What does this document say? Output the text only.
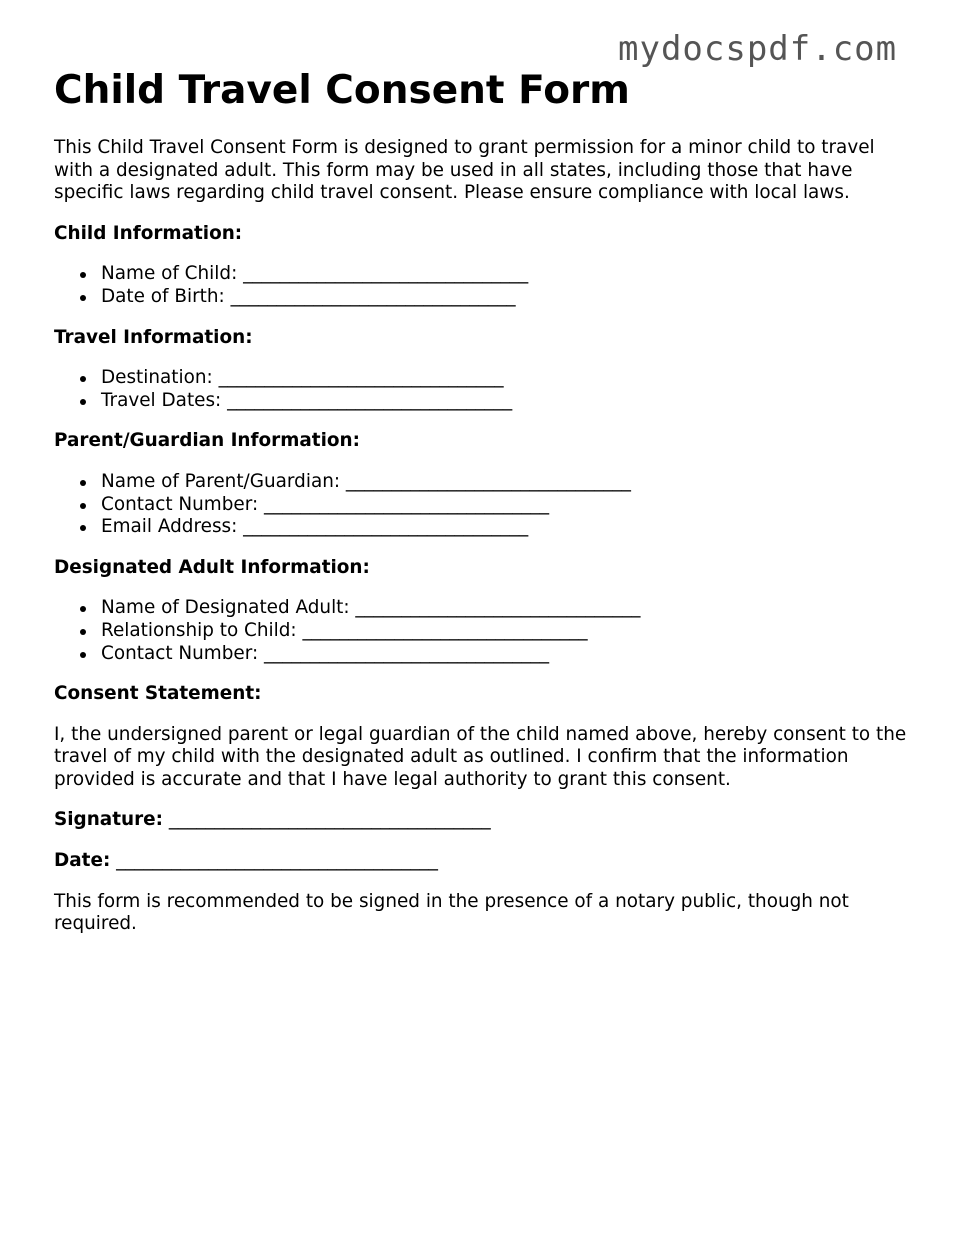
mydocspdf.com
Child Travel Consent Form

This Child Travel Consent Form is designed to grant permission for a minor child to travel with a designated adult. This form may be used in all states, including those that have specific laws regarding child travel consent. Please ensure compliance with local laws.

Child Information:
Name of Child: _______________________________
Date of Birth: _______________________________
Travel Information:
Destination: _______________________________
Travel Dates: _______________________________
Parent/Guardian Information:
Name of Parent/Guardian: _______________________________
Contact Number: _______________________________
Email Address: _______________________________
Designated Adult Information:
Name of Designated Adult: _______________________________
Relationship to Child: _______________________________
Contact Number: _______________________________
Consent Statement:

I, the undersigned parent or legal guardian of the child named above, hereby consent to the travel of my child with the designated adult as outlined. I confirm that the information provided is accurate and that I have legal authority to grant this consent.

Signature: ___________________________________
Date: ___________________________________

This form is recommended to be signed in the presence of a notary public, though not required.
